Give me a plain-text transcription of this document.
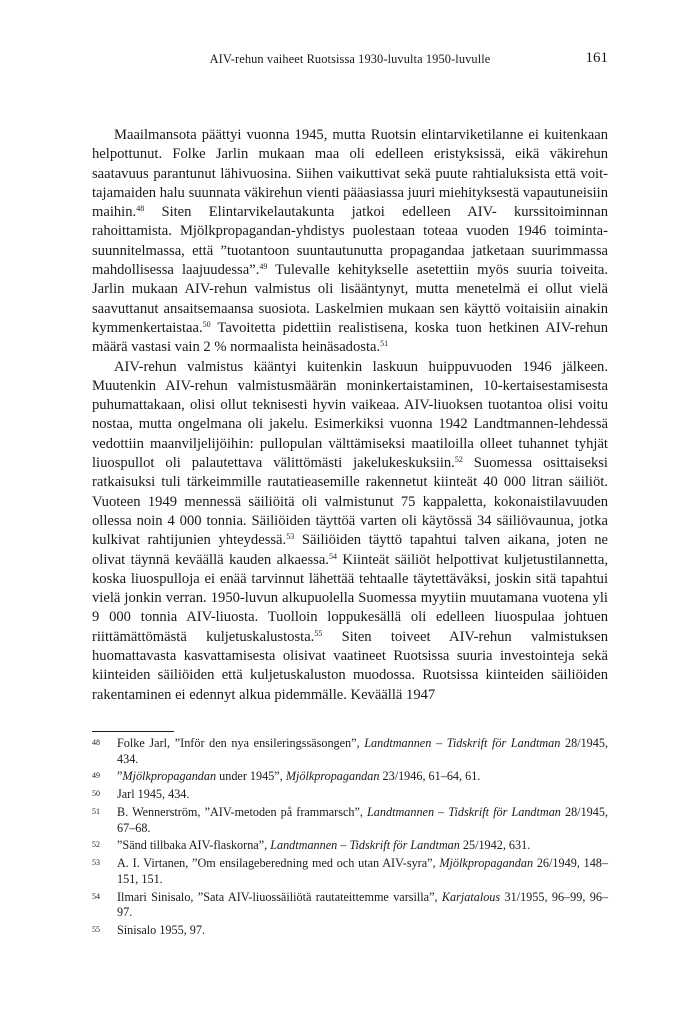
AIV-rehun vaiheet Ruotsissa 1930-luvulta 1950-luvulle	161

Maailmansota päättyi vuonna 1945, mutta Ruotsin elintarviketilanne ei kuitenkaan helpottunut. Folke Jarlin mukaan maa oli edelleen eristyksissä, eikä väkirehun saatavuus parantunut lähivuosina. Siihen vaikuttivat sekä puute rahtialuksista että voittajamaiden halu suunnata väkirehun vienti pääasiassa juuri miehityksestä vapautuneisiin maihin.$^{48}$ Siten Elintarvikelautakunta jatkoi edelleen AIV- kurssitoiminnan rahoittamista. Mjölkpropagandan-yhdistys puolestaan toteaa vuoden 1946 toimintasuunnitelmassa, että ”tuotantoon suuntautunutta propagandaa jatketaan suurimmassa mahdollisessa laajuudessa”.$^{49}$ Tulevalle kehitykselle asetettiin myös suuria toiveita. Jarlin mukaan AIV-rehun valmistus oli lisääntynyt, mutta menetelmä ei ollut vielä saavuttanut ansaitsemaansa suosiota. Laskelmien mukaan sen käyttö voitaisiin ainakin kymmenkertaistaa.$^{50}$ Tavoitetta pidettiin realistisena, koska tuon hetkinen AIV-rehun määrä vastasi vain 2 % normaalista heinäsadosta.$^{51}$

AIV-rehun valmistus kääntyi kuitenkin laskuun huippuvuoden 1946 jälkeen. Muutenkin AIV-rehun valmistusmäärän moninkertaistaminen, 10-kertaisestamisesta puhumattakaan, olisi ollut teknisesti hyvin vaikeaa. AIV-liuoksen tuotantoa olisi voitu nostaa, mutta ongelmana oli jakelu. Esimerkiksi vuonna 1942 Landtmannen-lehdessä vedottiin maanviljelijöihin: pullopulan välttämiseksi maatiloilla olleet tuhannet tyhjät liuospullot oli palautettava välittömästi jakelukeskuksiin.$^{52}$ Suomessa osittaiseksi ratkaisuksi tuli tärkeimmille rautatieasemille rakennetut kiinteät 40 000 litran säiliöt. Vuoteen 1949 mennessä säiliöitä oli valmistunut 75 kappaletta, kokonaistilavuuden ollessa noin 4 000 tonnia. Säiliöiden täyttöä varten oli käytössä 34 säiliövaunua, jotka kulkivat rahtijunien yhteydessä.$^{53}$ Säiliöiden täyttö tapahtui talven aikana, joten ne olivat täynnä keväällä kauden alkaessa.$^{54}$ Kiinteät säiliöt helpottivat kuljetustilannetta, koska liuospulloja ei enää tarvinnut lähettää tehtaalle täytettäväksi, joskin sitä tapahtui vielä jonkin verran. 1950-luvun alkupuolella Suomessa myytiin muutamana vuotena yli 9 000 tonnia AIV-liuosta. Tuolloin loppukesällä oli edelleen liuospulaa johtuen riittämättömästä kuljetuskalustosta.$^{55}$ Siten toiveet AIV-rehun valmistuksen huomattavasta kasvattamisesta olisivat vaatineet Ruotsissa suuria investointeja sekä kiinteiden säiliöiden että kuljetuskaluston muodossa. Ruotsissa kiinteiden säiliöiden rakentaminen ei edennyt alkua pidemmälle. Keväällä 1947

48	Folke Jarl, ”Inför den nya ensileringssäsongen”, Landtmannen – Tidskrift för Landtman 28/1945, 434.
49	”Mjölkpropagandan under 1945”, Mjölkpropagandan 23/1946, 61–64, 61.
50	Jarl 1945, 434.
51	B. Wennerström, ”AIV-metoden på frammarsch”, Landtmannen – Tidskrift för Landtman 28/1945, 67–68.
52	”Sänd tillbaka AIV-flaskorna”, Landtmannen – Tidskrift för Landtman 25/1942, 631.
53	A. I. Virtanen, ”Om ensilageberedning med och utan AIV-syra”, Mjölkpropagandan 26/1949, 148–151, 151.
54	Ilmari Sinisalo, ”Sata AIV-liuossäiliötä rautateittemme varsilla”, Karjatalous 31/1955, 96–99, 96–97.
55	Sinisalo 1955, 97.
